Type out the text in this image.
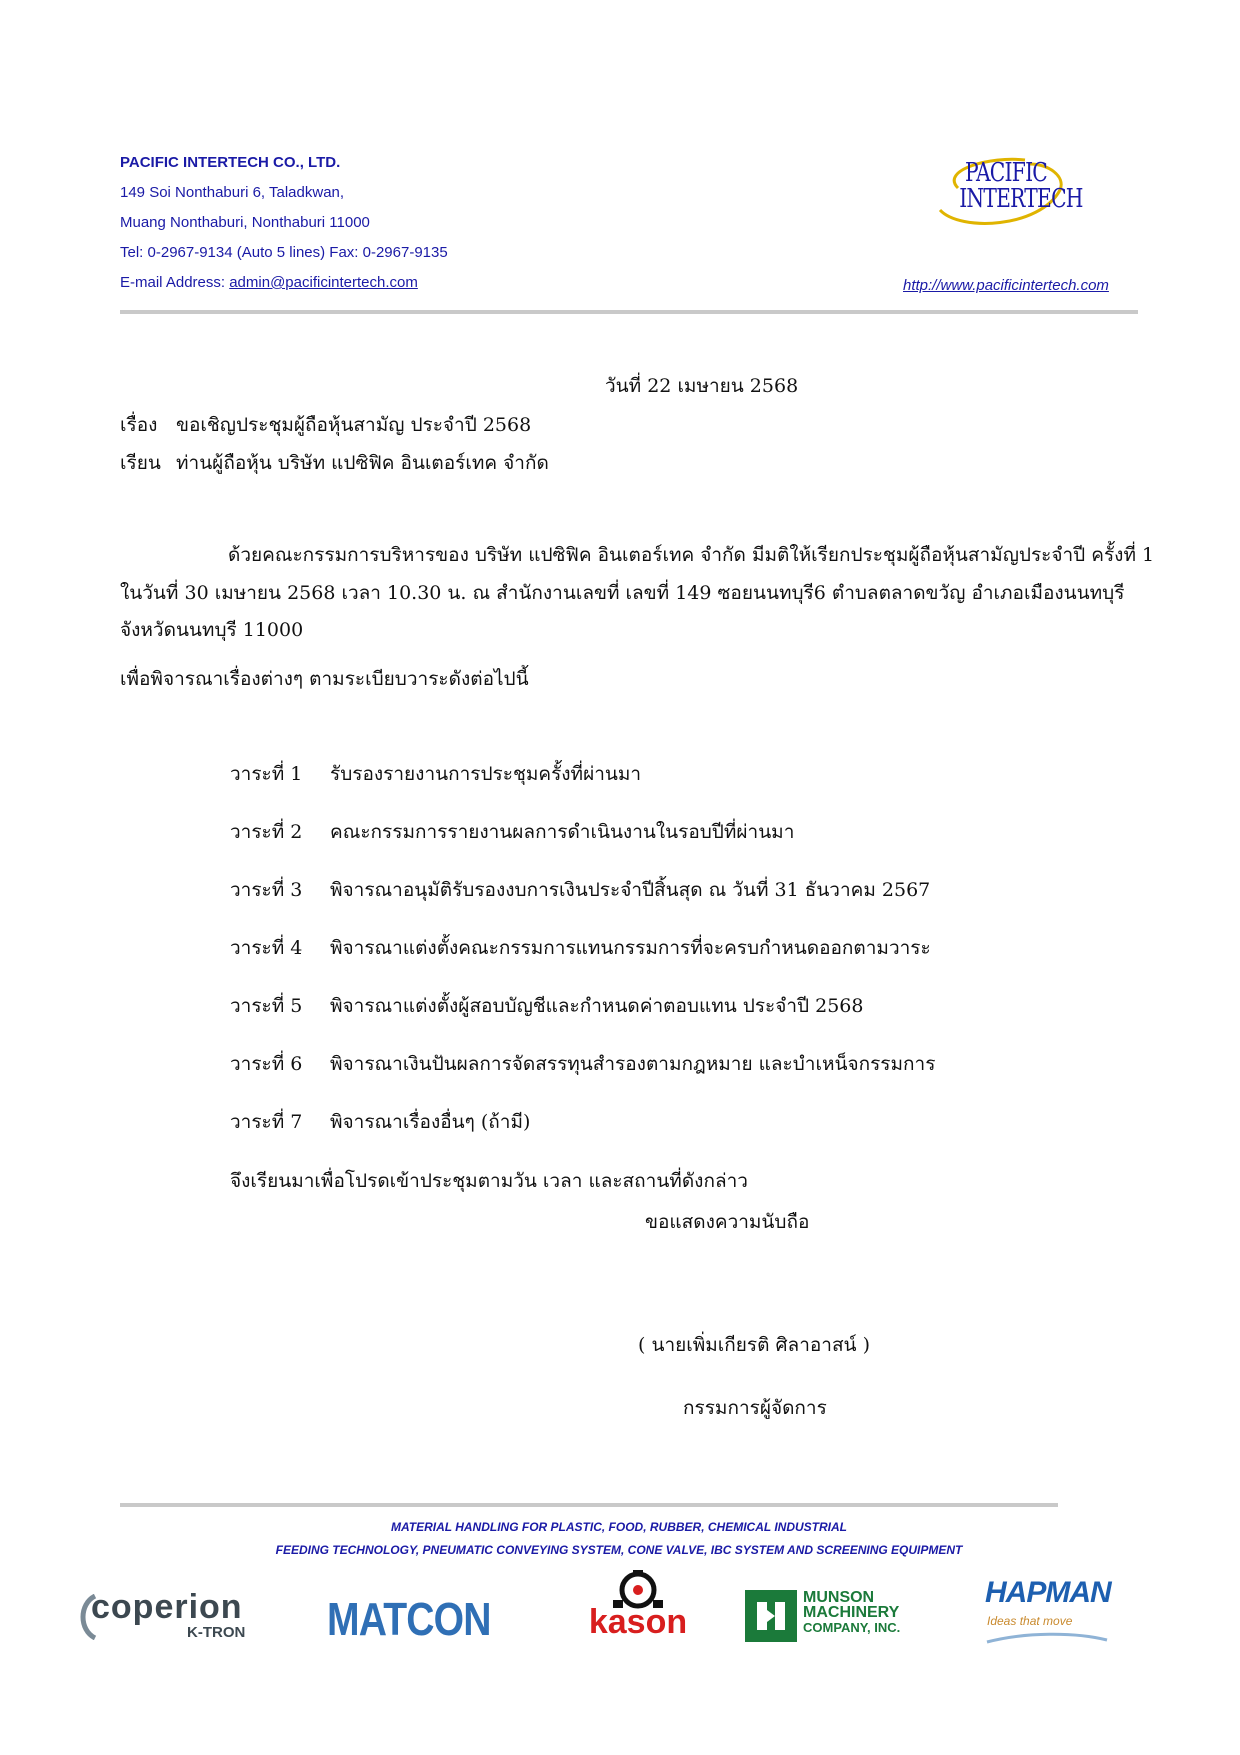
PACIFIC INTERTECH CO., LTD.
149 Soi Nonthaburi 6, Taladkwan,
Muang Nonthaburi, Nonthaburi 11000
Tel: 0-2967-9134 (Auto 5 lines) Fax: 0-2967-9135
E-mail Address: admin@pacificintertech.com
PACIFIC
INTERTECH
http://www.pacificintertech.com
วันที่ 22 เมษายน 2568
เรื่อง ขอเชิญประชุมผู้ถือหุ้นสามัญ ประจำปี 2568
เรียน ท่านผู้ถือหุ้น บริษัท แปซิฟิค อินเตอร์เทค จำกัด
ด้วยคณะกรรมการบริหารของ บริษัท แปซิฟิค อินเตอร์เทค จำกัด มีมติให้เรียกประชุมผู้ถือหุ้นสามัญประจำปี ครั้งที่ 1
ในวันที่ 30 เมษายน 2568 เวลา 10.30 น. ณ สำนักงานเลขที่ เลขที่ 149 ซอยนนทบุรี6 ตำบลตลาดขวัญ อำเภอเมืองนนทบุรี
จังหวัดนนทบุรี 11000
เพื่อพิจารณาเรื่องต่างๆ ตามระเบียบวาระดังต่อไปนี้
วาระที่ 1 รับรองรายงานการประชุมครั้งที่ผ่านมา
วาระที่ 2 คณะกรรมการรายงานผลการดำเนินงานในรอบปีที่ผ่านมา
วาระที่ 3 พิจารณาอนุมัติรับรองงบการเงินประจำปีสิ้นสุด ณ วันที่ 31 ธันวาคม 2567
วาระที่ 4 พิจารณาแต่งตั้งคณะกรรมการแทนกรรมการที่จะครบกำหนดออกตามวาระ
วาระที่ 5 พิจารณาแต่งตั้งผู้สอบบัญชีและกำหนดค่าตอบแทน ประจำปี 2568
วาระที่ 6 พิจารณาเงินปันผลการจัดสรรทุนสำรองตามกฎหมาย และบำเหน็จกรรมการ
วาระที่ 7 พิจารณาเรื่องอื่นๆ (ถ้ามี)
จึงเรียนมาเพื่อโปรดเข้าประชุมตามวัน เวลา และสถานที่ดังกล่าว
ขอแสดงความนับถือ
( นายเพิ่มเกียรติ ศิลาอาสน์ )
กรรมการผู้จัดการ
MATERIAL HANDLING FOR PLASTIC, FOOD, RUBBER, CHEMICAL INDUSTRIAL
FEEDING TECHNOLOGY, PNEUMATIC CONVEYING SYSTEM, CONE VALVE, IBC SYSTEM AND SCREENING EQUIPMENT
coperion
K-TRON MATCON	kason
MUNSON
MACHINERY
COMPANY, INC.
HAPMAN
Ideas that move
